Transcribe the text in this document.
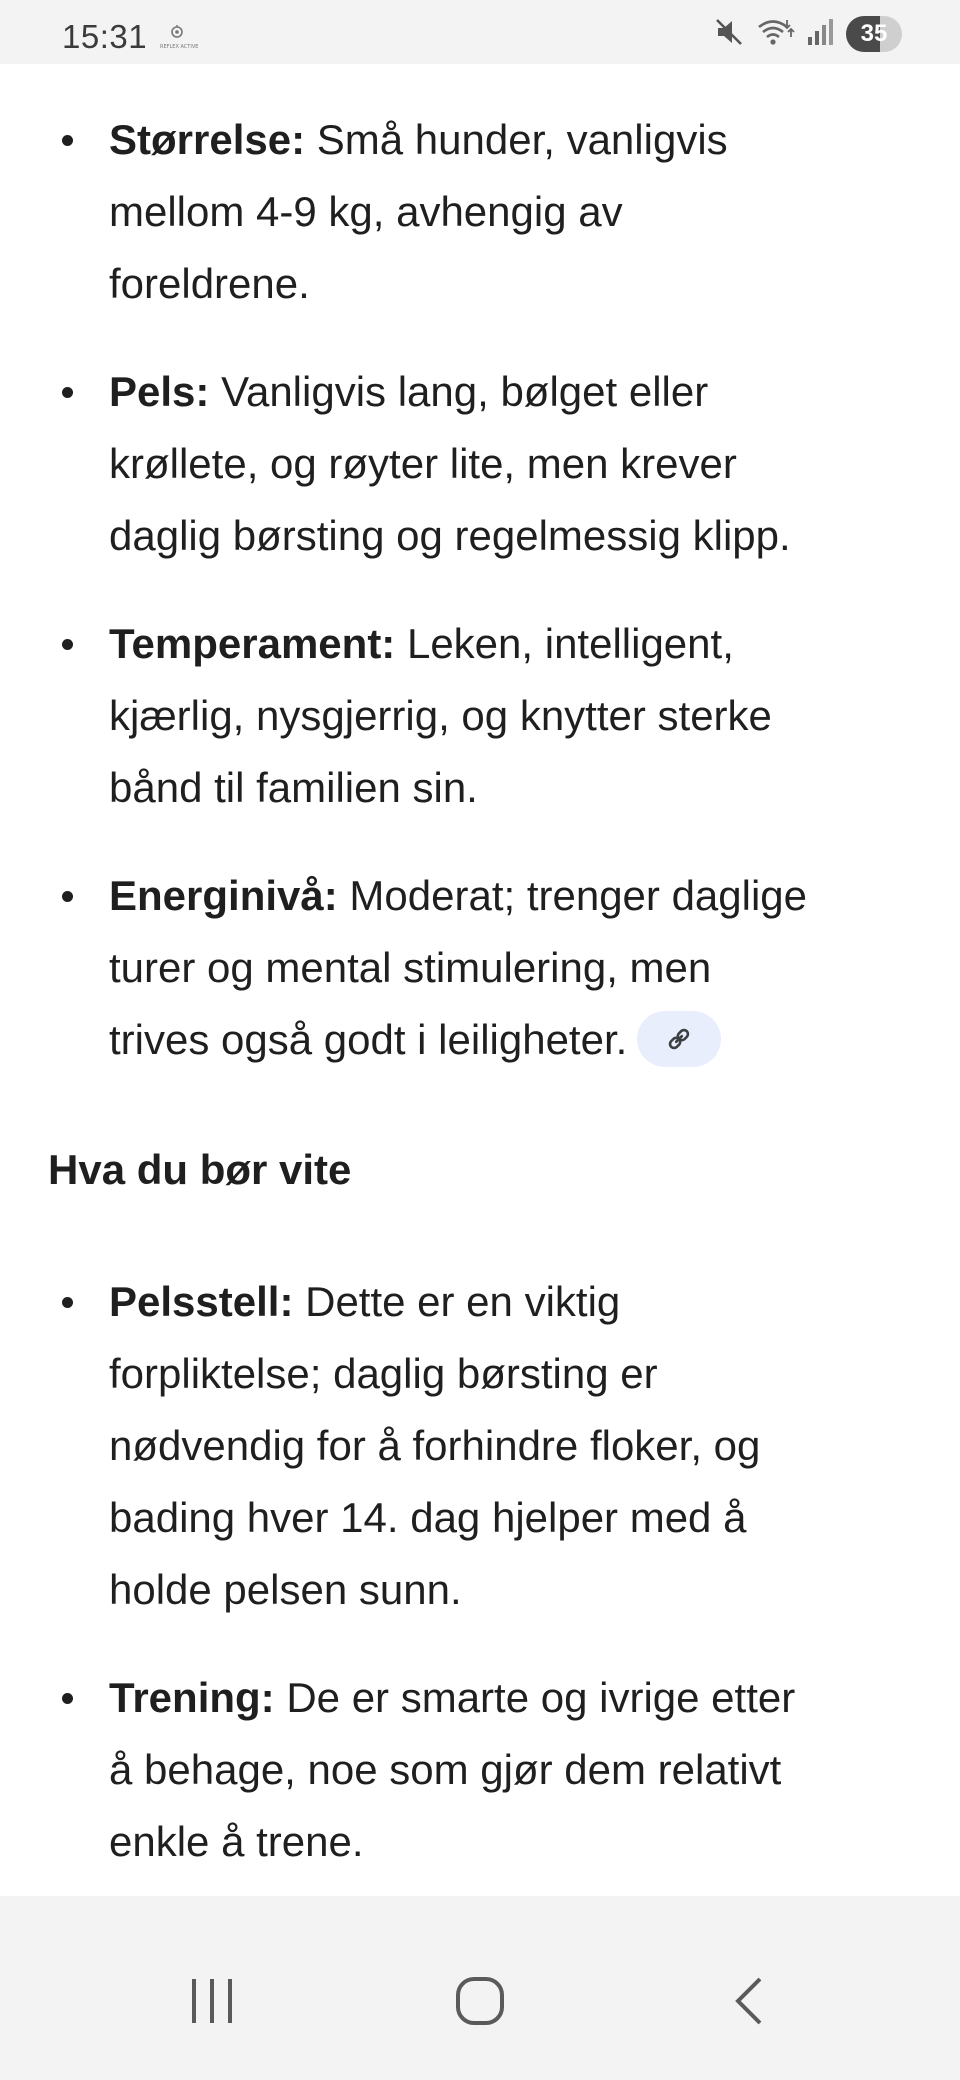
15:31	REFLEX ACTIVE	35
Størrelse: Små hunder, vanligvis
mellom 4-9 kg, avhengig av
foreldrene.
Pels: Vanligvis lang, bølget eller
krøllete, og røyter lite, men krever
daglig børsting og regelmessig klipp.
Temperament: Leken, intelligent,
kjærlig, nysgjerrig, og knytter sterke
bånd til familien sin.
Energinivå: Moderat; trenger daglige
turer og mental stimulering, men
trives også godt i leiligheter.
Hva du bør vite
Pelsstell: Dette er en viktig
forpliktelse; daglig børsting er
nødvendig for å forhindre floker, og
bading hver 14. dag hjelper med å
holde pelsen sunn.
Trening: De er smarte og ivrige etter
å behage, noe som gjør dem relativt
enkle å trene.
